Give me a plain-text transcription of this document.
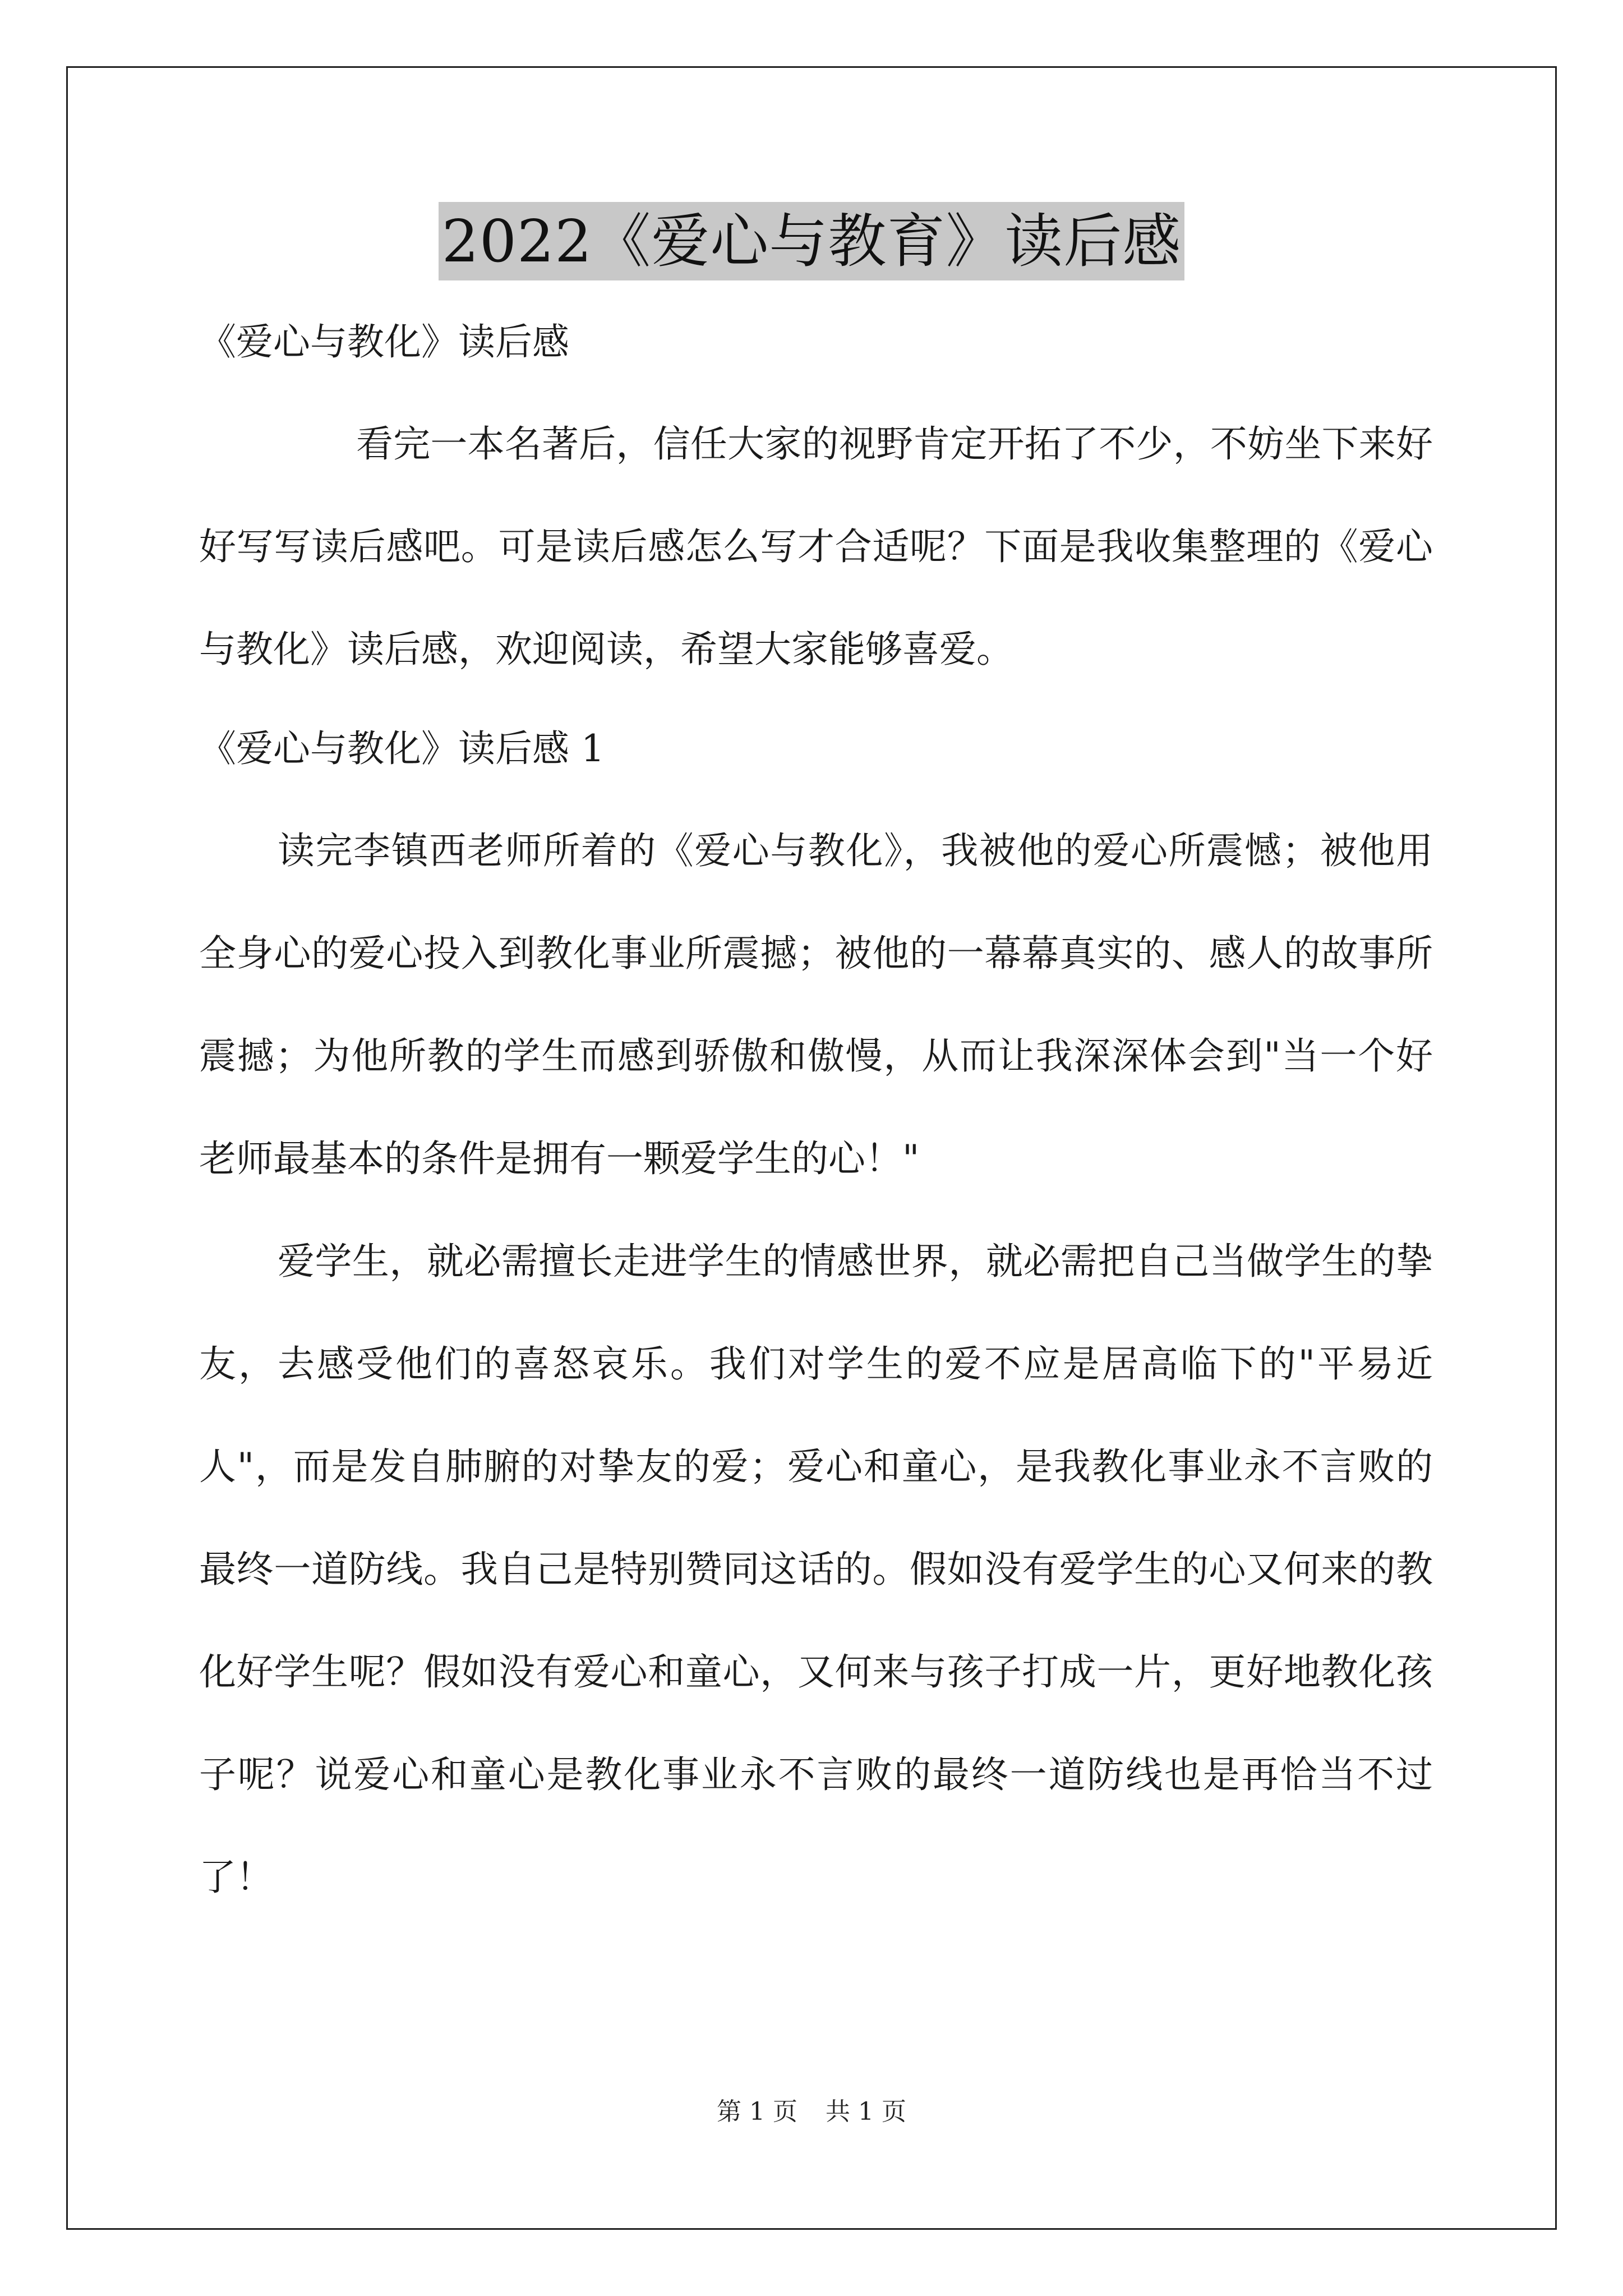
2022《爱心与教育》读后感

《爱心与教化》读后感

看完一本名著后，信任大家的视野肯定开拓了不少，不妨坐下来好好写写读后感吧。可是读后感怎么写才合适呢？下面是我收集整理的《爱心与教化》读后感，欢迎阅读，希望大家能够喜爱。

《爱心与教化》读后感 1

读完李镇西老师所着的《爱心与教化》，我被他的爱心所震憾；被他用全身心的爱心投入到教化事业所震撼；被他的一幕幕真实的、感人的故事所震撼；为他所教的学生而感到骄傲和傲慢，从而让我深深体会到"当一个好老师最基本的条件是拥有一颗爱学生的心！"

爱学生，就必需擅长走进学生的情感世界，就必需把自己当做学生的挚友，去感受他们的喜怒哀乐。我们对学生的爱不应是居高临下的"平易近人"，而是发自肺腑的对挚友的爱；爱心和童心，是我教化事业永不言败的最终一道防线。我自己是特别赞同这话的。假如没有爱学生的心又何来的教化好学生呢？假如没有爱心和童心，又何来与孩子打成一片，更好地教化孩子呢？说爱心和童心是教化事业永不言败的最终一道防线也是再恰当不过了！

第 1 页 共 1 页
